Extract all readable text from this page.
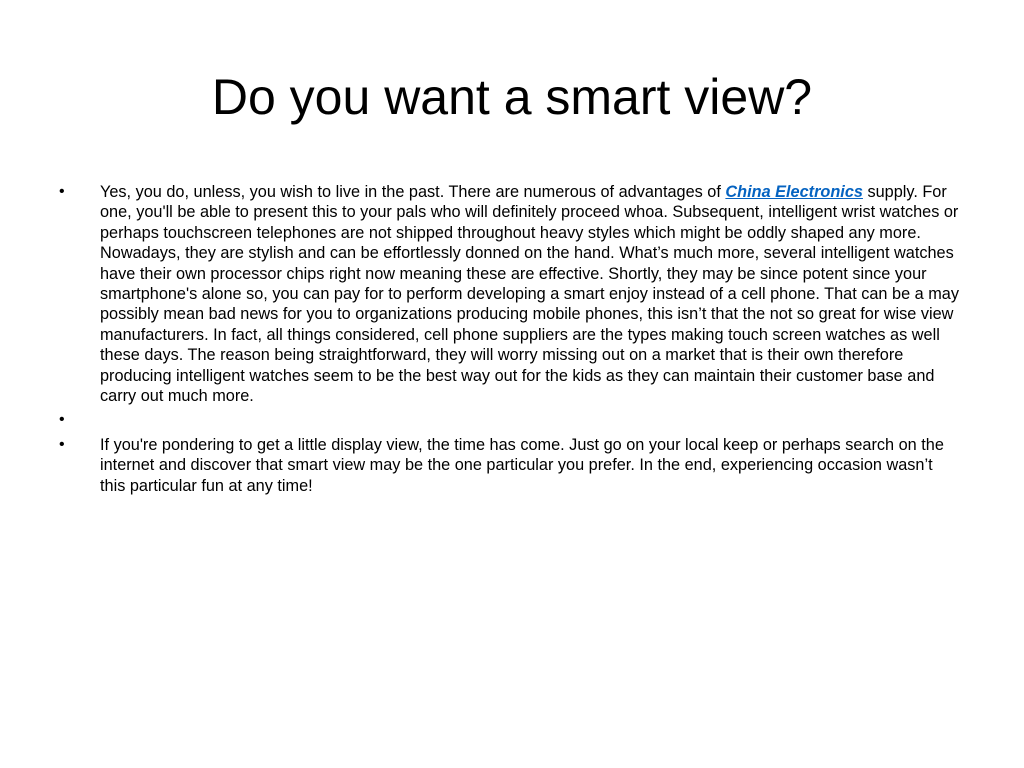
Do you want a smart view?
•	Yes, you do, unless, you wish to live in the past. There are numerous of advantages of China Electronics supply. For one, you'll be able to present this to your pals who will definitely proceed whoa. Subsequent, intelligent wrist watches or perhaps touchscreen telephones are not shipped throughout heavy styles which might be oddly shaped any more. Nowadays, they are stylish and can be effortlessly donned on the hand. What’s much more, several intelligent watches have their own processor chips right now meaning these are effective. Shortly, they may be since potent since your smartphone's alone so, you can pay for to perform developing a smart enjoy instead of a cell phone. That can be a may possibly mean bad news for you to organizations producing mobile phones, this isn’t that the not so great for wise view manufacturers. In fact, all things considered, cell phone suppliers are the types making touch screen watches as well these days. The reason being straightforward, they will worry missing out on a market that is their own therefore producing intelligent watches seem to be the best way out for the kids as they can maintain their customer base and carry out much more.
•
•	If you're pondering to get a little display view, the time has come. Just go on your local keep or perhaps search on the internet and discover that smart view may be the one particular you prefer. In the end, experiencing occasion wasn’t this particular fun at any time!
